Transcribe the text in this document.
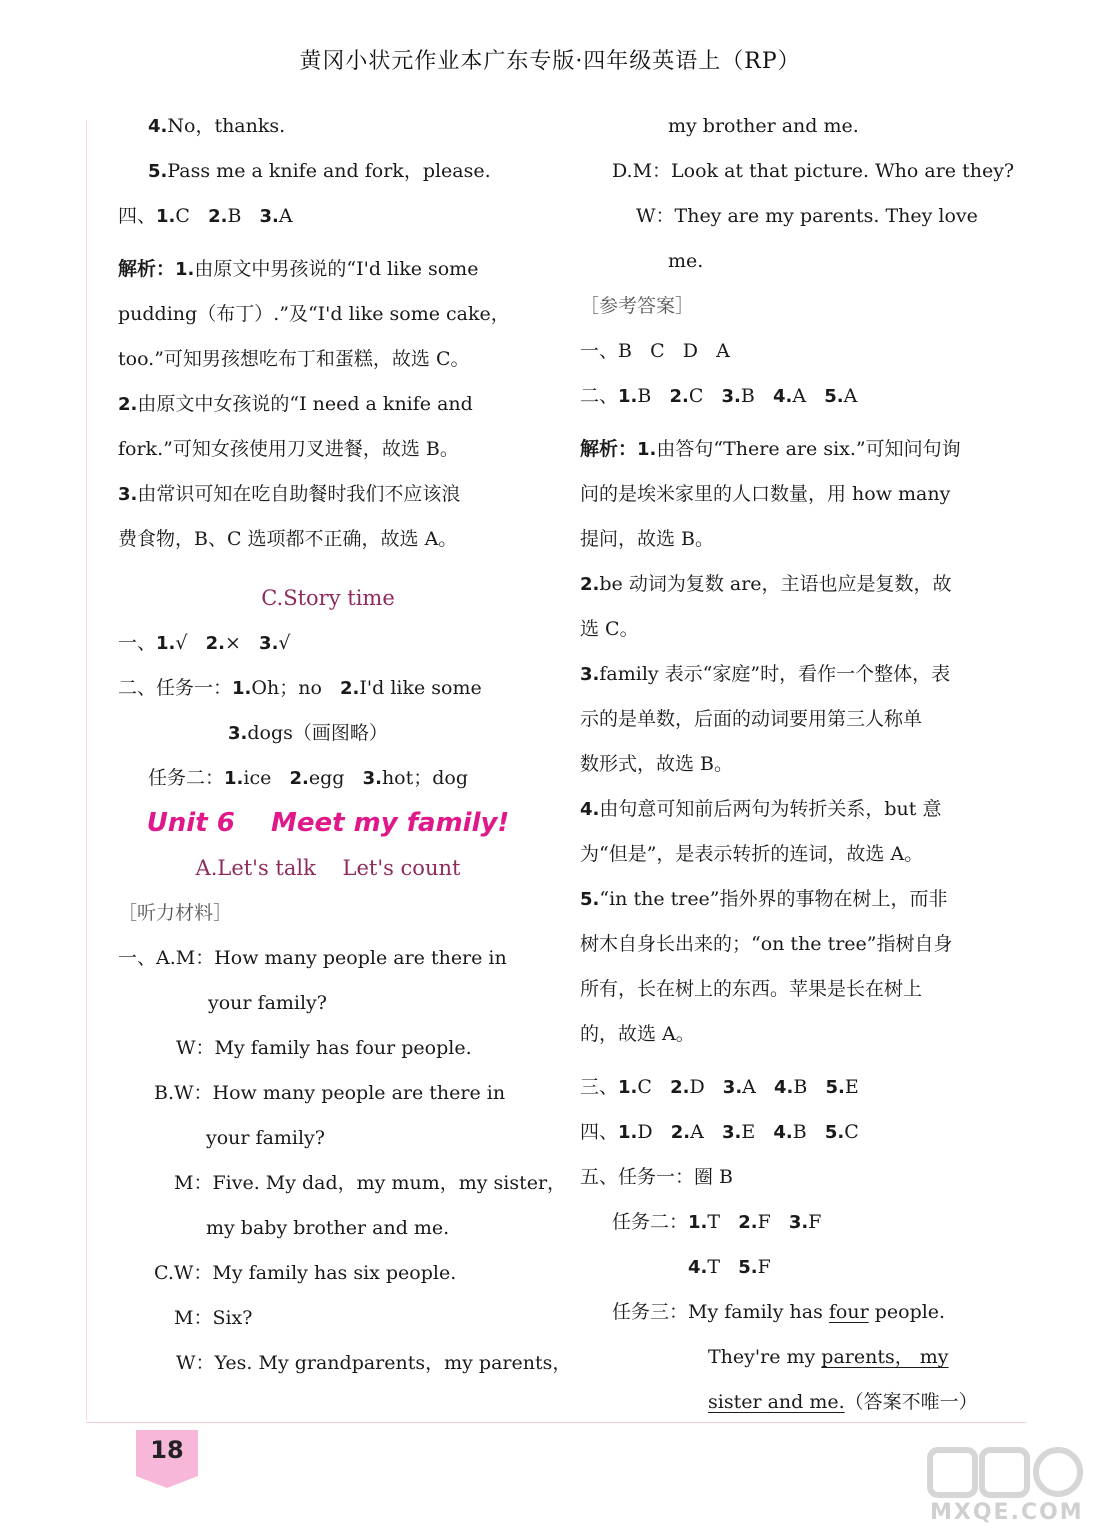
黄冈小状元作业本广东专版·四年级英语上（RP）
4.No，thanks.
5.Pass me a knife and fork，please.
四、1.C 2.B 3.A
解析：1.由原文中男孩说的“I'd like some
pudding（布丁）.”及“I'd like some cake，
too.”可知男孩想吃布丁和蛋糕，故选 C。
2.由原文中女孩说的“I need a knife and
fork.”可知女孩使用刀叉进餐，故选 B。
3.由常识可知在吃自助餐时我们不应该浪
费食物，B、C 选项都不正确，故选 A。
C.Story time
一、1.√ 2.× 3.√
二、任务一：1.Oh；no 2.I'd like some
3.dogs（画图略）
任务二：1.ice 2.egg 3.hot；dog
Unit 6    Meet my family!
A.Let's talk    Let's count
［听力材料］
一、A.M：How many people are there in
your family?
W：My family has four people.
B.W：How many people are there in
your family?
M：Five. My dad，my mum，my sister，
my baby brother and me.
C.W：My family has six people.
M：Six?
W：Yes. My grandparents，my parents，
my brother and me.
D.M：Look at that picture. Who are they?
W：They are my parents. They love
me.
［参考答案］
一、B   C   D   A
二、1.B 2.C 3.B 4.A 5.A
解析：1.由答句“There are six.”可知问句询
问的是埃米家里的人口数量，用 how many
提问，故选 B。
2.be 动词为复数 are，主语也应是复数，故
选 C。
3.family 表示“家庭”时，看作一个整体，表
示的是单数，后面的动词要用第三人称单
数形式，故选 B。
4.由句意可知前后两句为转折关系，but 意
为“但是”，是表示转折的连词，故选 A。
5.“in the tree”指外界的事物在树上，而非
树木自身长出来的；“on the tree”指树自身
所有，长在树上的东西。苹果是长在树上
的，故选 A。
三、1.C 2.D 3.A 4.B 5.E
四、1.D 2.A 3.E 4.B 5.C
五、任务一：圈 B
任务二：1.T 2.F 3.F
4.T 5.F
任务三：My family has four people.
They're my parents， my
sister and me.（答案不唯一）
18
MXQE.COM
